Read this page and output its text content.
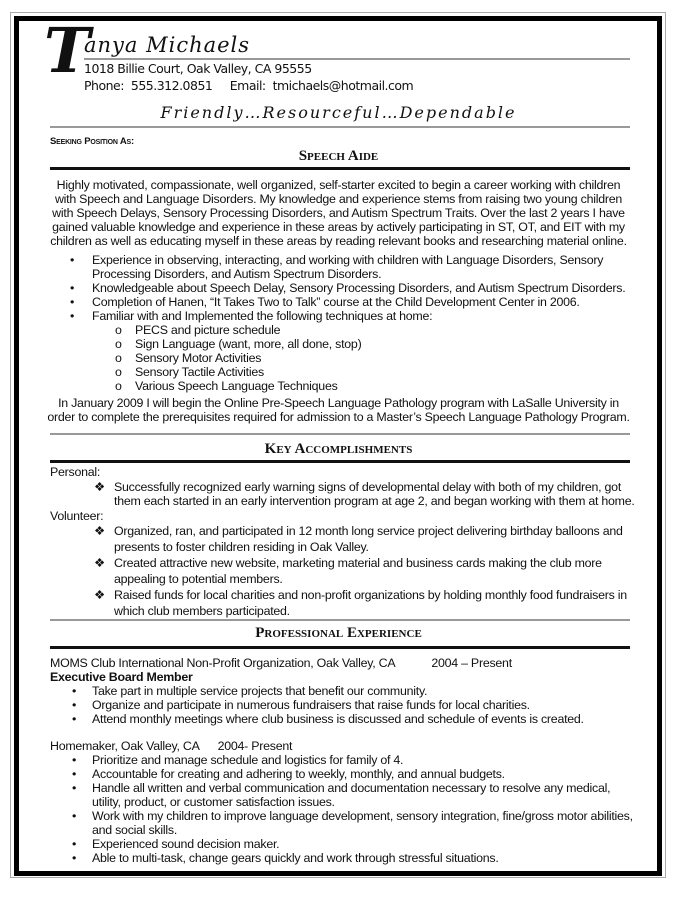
T
anya Michaels
1018 Billie Court, Oak Valley, CA 95555
Phone: 555.312.0851 Email: tmichaels@hotmail.com
Friendly…Resourceful…Dependable
Seeking Position As:
Speech Aide
Highly motivated, compassionate, well organized, self-starter excited to begin a career working with children
with Speech and Language Disorders. My knowledge and experience stems from raising two young children
with Speech Delays, Sensory Processing Disorders, and Autism Spectrum Traits. Over the last 2 years I have
gained valuable knowledge and experience in these areas by actively participating in ST, OT, and EIT with my
children as well as educating myself in these areas by reading relevant books and researching material online.
• Experience in observing, interacting, and working with children with Language Disorders, Sensory
Processing Disorders, and Autism Spectrum Disorders.
• Knowledgeable about Speech Delay, Sensory Processing Disorders, and Autism Spectrum Disorders.
• Completion of Hanen, “It Takes Two to Talk” course at the Child Development Center in 2006.
• Familiar with and Implemented the following techniques at home:
o PECS and picture schedule
o Sign Language (want, more, all done, stop)
o Sensory Motor Activities
o Sensory Tactile Activities
o Various Speech Language Techniques
In January 2009 I will begin the Online Pre-Speech Language Pathology program with LaSalle University in
order to complete the prerequisites required for admission to a Master’s Speech Language Pathology Program.
Key Accomplishments
Personal:
❖ Successfully recognized early warning signs of developmental delay with both of my children, got
them each started in an early intervention program at age 2, and began working with them at home.
Volunteer:
❖ Organized, ran, and participated in 12 month long service project delivering birthday balloons and
presents to foster children residing in Oak Valley.
❖ Created attractive new website, marketing material and business cards making the club more
appealing to potential members.
❖ Raised funds for local charities and non-profit organizations by holding monthly food fundraisers in
which club members participated.
Professional Experience
MOMS Club International Non-Profit Organization, Oak Valley, CA	2004 – Present
Executive Board Member
• Take part in multiple service projects that benefit our community.
• Organize and participate in numerous fundraisers that raise funds for local charities.
• Attend monthly meetings where club business is discussed and schedule of events is created.
Homemaker, Oak Valley, CA 2004- Present
• Prioritize and manage schedule and logistics for family of 4.
• Accountable for creating and adhering to weekly, monthly, and annual budgets.
• Handle all written and verbal communication and documentation necessary to resolve any medical,
utility, product, or customer satisfaction issues.
• Work with my children to improve language development, sensory integration, fine/gross motor abilities,
and social skills.
• Experienced sound decision maker.
• Able to multi-task, change gears quickly and work through stressful situations.
